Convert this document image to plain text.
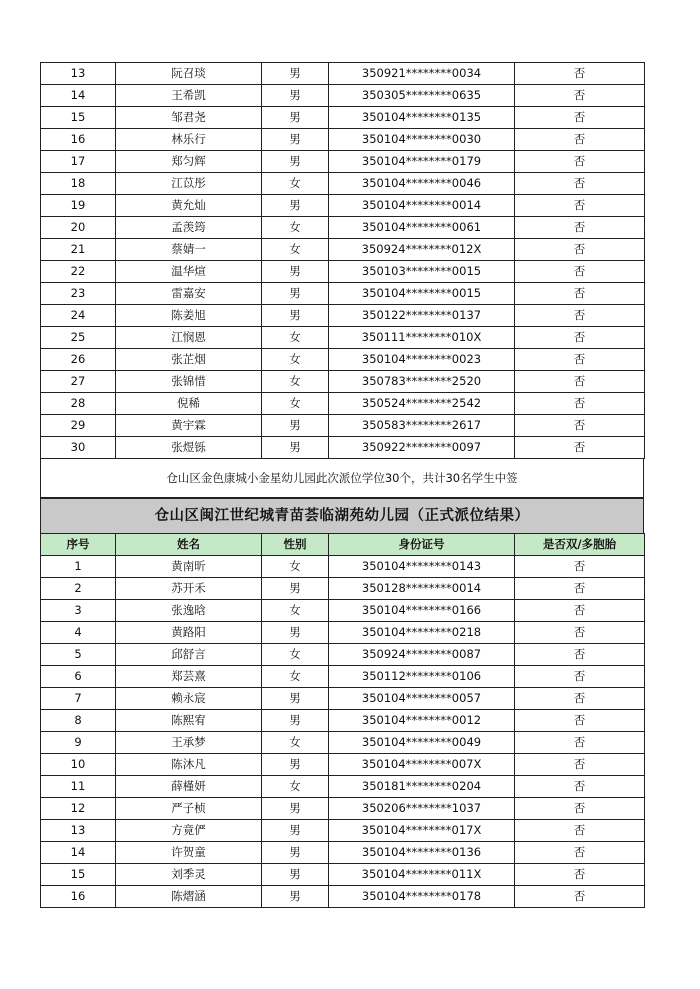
13	阮召琰	男	350921********0034	否
14	王希凯	男	350305********0635	否
15	邹君尧	男	350104********0135	否
16	林乐行	男	350104********0030	否
17	郑匀辉	男	350104********0179	否
18	江苡彤	女	350104********0046	否
19	黄允灿	男	350104********0014	否
20	孟羡筠	女	350104********0061	否
21	蔡婧一	女	350924********012X	否
22	温华煊	男	350103********0015	否
23	雷嘉安	男	350104********0015	否
24	陈姜旭	男	350122********0137	否
25	江悯恩	女	350111********010X	否
26	张芷烟	女	350104********0023	否
27	张锦惜	女	350783********2520	否
28	倪稀	女	350524********2542	否
29	黄宇霖	男	350583********2617	否
30	张煜铄	男	350922********0097	否
仓山区金色康城小金星幼儿园此次派位学位30个，共计30名学生中签
仓山区闽江世纪城青苗荟临湖苑幼儿园（正式派位结果）
序号	姓名	性别	身份证号	是否双/多胞胎
1	黄南昕	女	350104********0143	否
2	苏开禾	男	350128********0014	否
3	张逸晗	女	350104********0166	否
4	黄路阳	男	350104********0218	否
5	邱舒言	女	350924********0087	否
6	郑芸熹	女	350112********0106	否
7	赖永宸	男	350104********0057	否
8	陈熙宥	男	350104********0012	否
9	王承梦	女	350104********0049	否
10	陈沐凡	男	350104********007X	否
11	薛槿妍	女	350181********0204	否
12	严子桢	男	350206********1037	否
13	方竟俨	男	350104********017X	否
14	许贺童	男	350104********0136	否
15	刘季灵	男	350104********011X	否
16	陈熠涵	男	350104********0178	否
